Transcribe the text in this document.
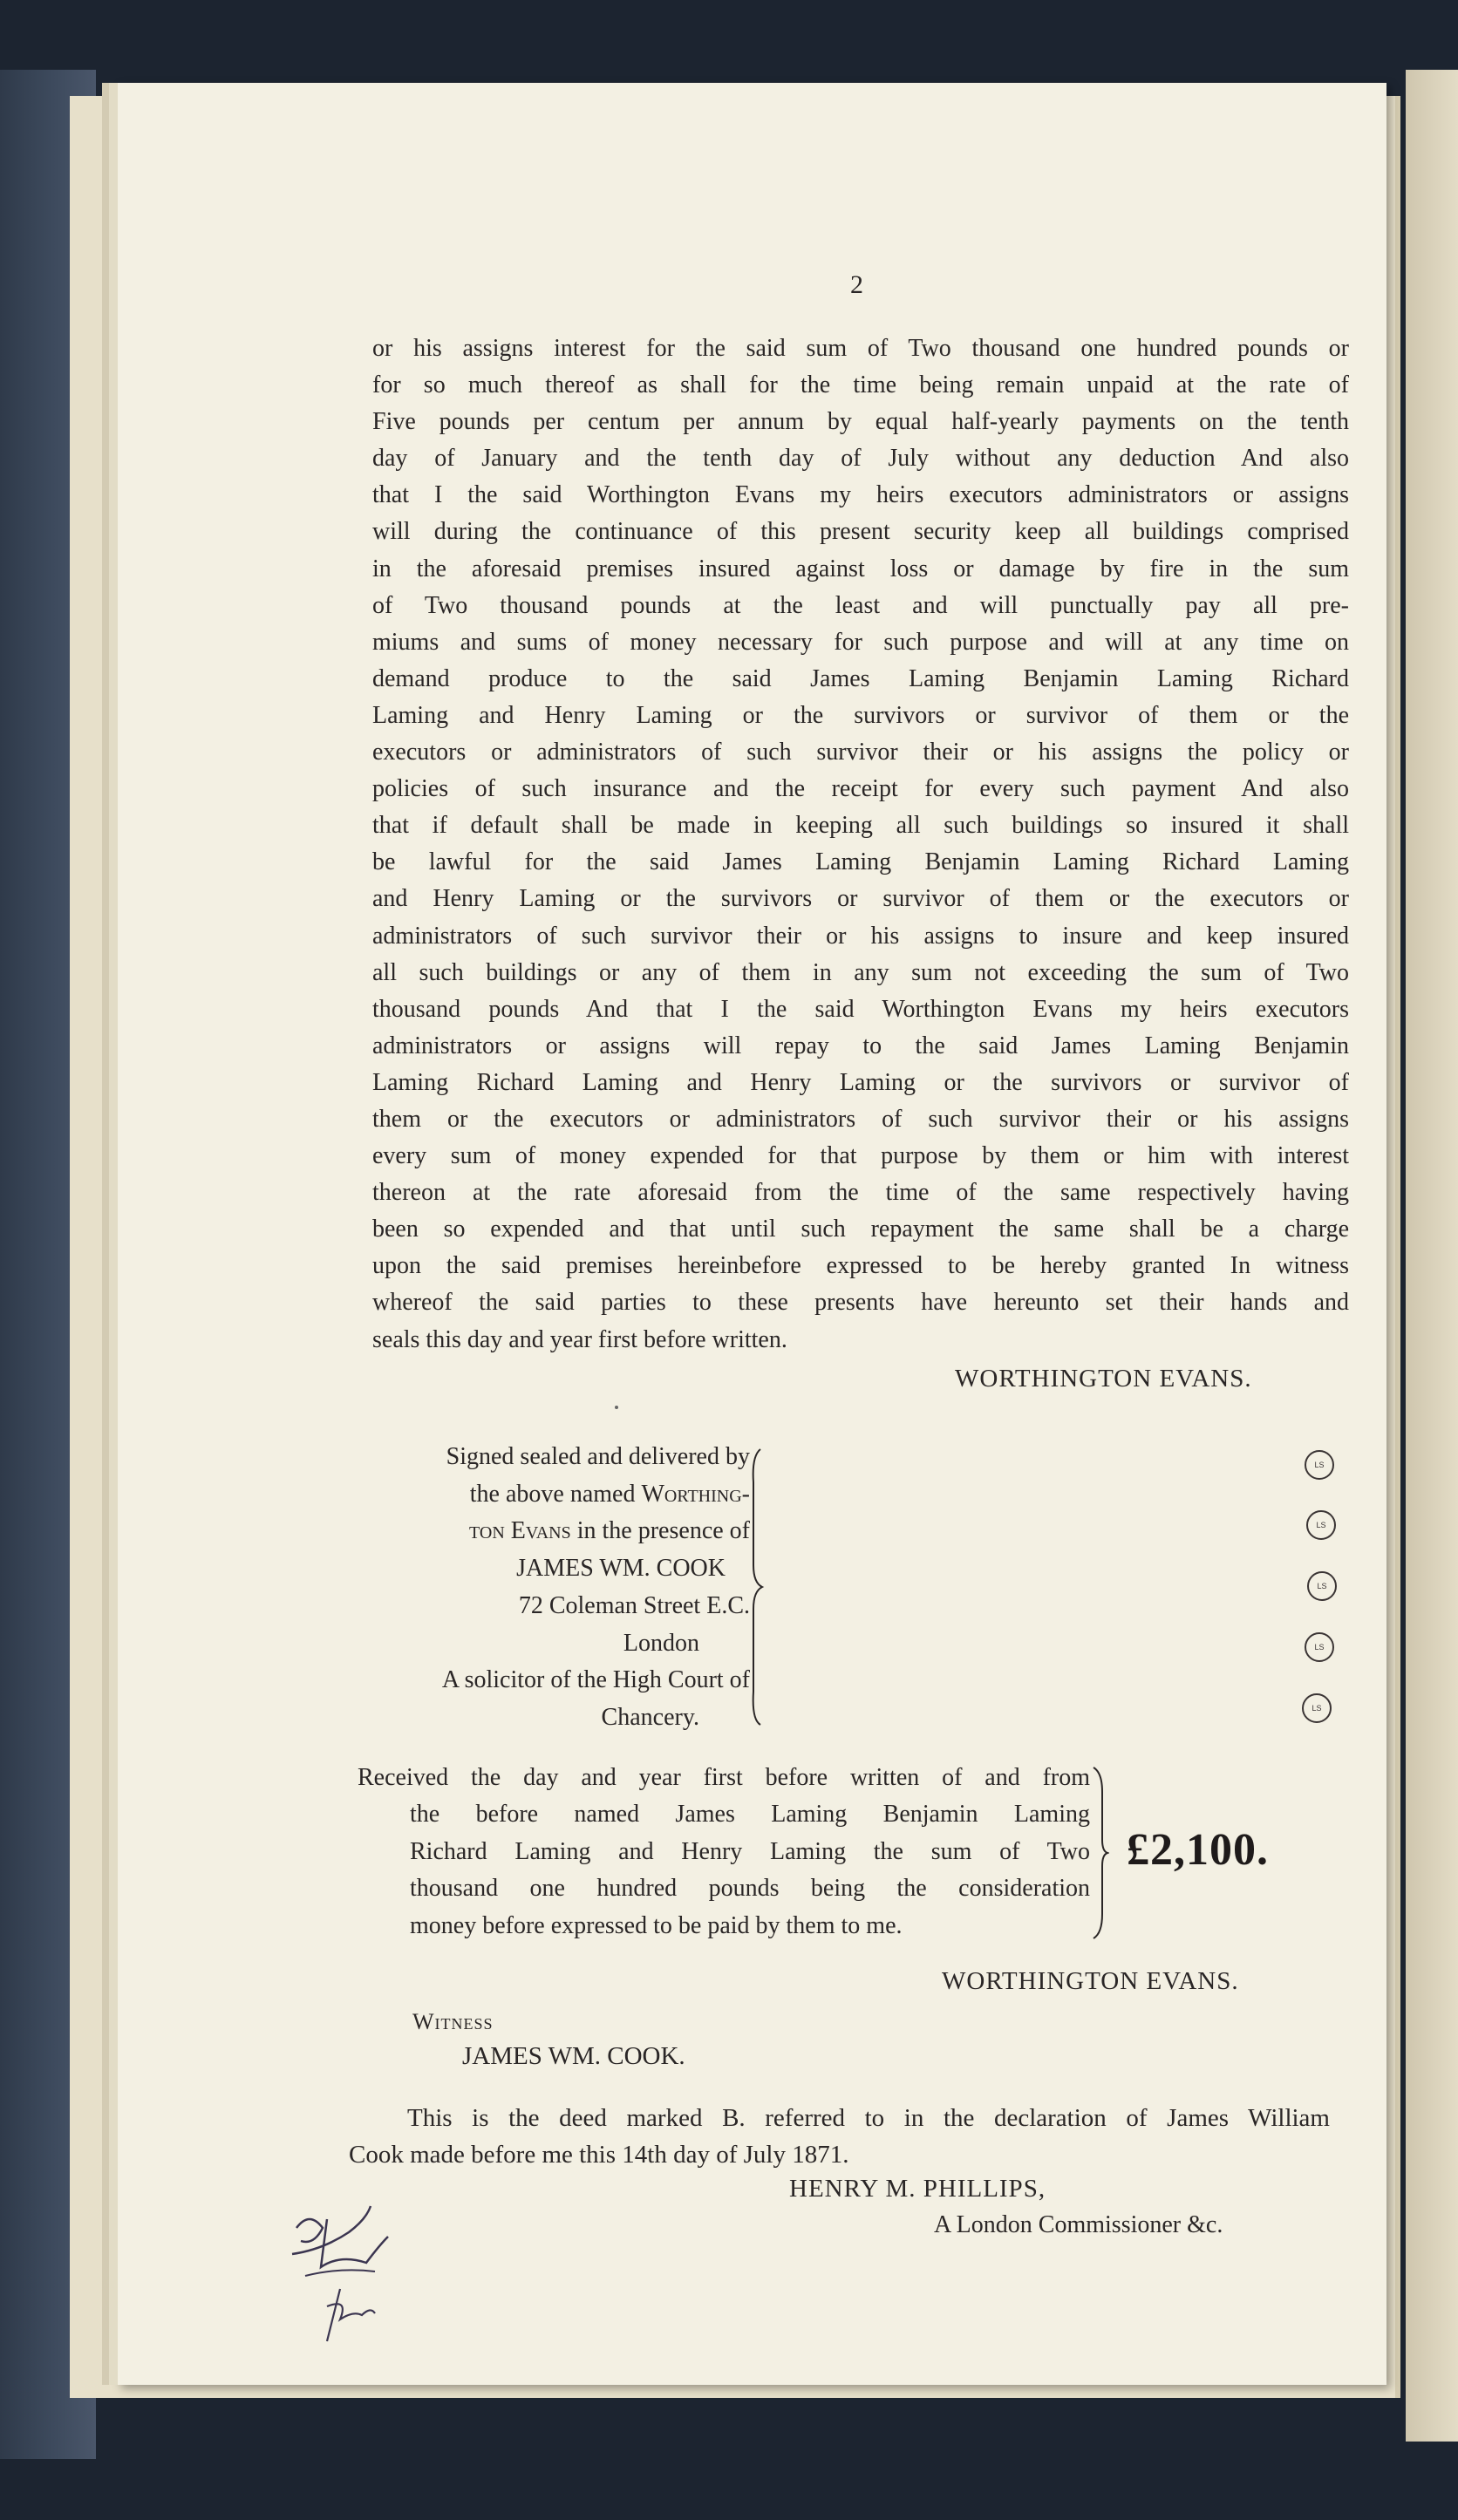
2
or his assigns interest for the said sum of Two thousand one hundred pounds or
for so much thereof as shall for the time being remain unpaid at the rate of
Five pounds per centum per annum by equal half-yearly payments on the tenth
day of January and the tenth day of July without any deduction And also
that I the said Worthington Evans my heirs executors administrators or assigns
will during the continuance of this present security keep all buildings comprised
in the aforesaid premises insured against loss or damage by fire in the sum
of Two thousand pounds at the least and will punctually pay all pre-
miums and sums of money necessary for such purpose and will at any time on
demand produce to the said James Laming Benjamin Laming Richard
Laming and Henry Laming or the survivors or survivor of them or the
executors or administrators of such survivor their or his assigns the policy or
policies of such insurance and the receipt for every such payment And also
that if default shall be made in keeping all such buildings so insured it shall
be lawful for the said James Laming Benjamin Laming Richard Laming
and Henry Laming or the survivors or survivor of them or the executors or
administrators of such survivor their or his assigns to insure and keep insured
all such buildings or any of them in any sum not exceeding the sum of Two
thousand pounds And that I the said Worthington Evans my heirs executors
administrators or assigns will repay to the said James Laming Benjamin
Laming Richard Laming and Henry Laming or the survivors or survivor of
them or the executors or administrators of such survivor their or his assigns
every sum of money expended for that purpose by them or him with interest
thereon at the rate aforesaid from the time of the same respectively having
been so expended and that until such repayment the same shall be a charge
upon the said premises hereinbefore expressed to be hereby granted In witness
whereof the said parties to these presents have hereunto set their hands and
seals this day and year first before written.
WORTHINGTON EVANS.
Signed sealed and delivered by
the above named Worthing-
ton Evans in the presence of
JAMES WM. COOK
72 Coleman Street E.C.
London
A solicitor of the High Court of
Chancery.
LS
LS
LS
LS
LS
Received the day and year first before written of and from
the before named James Laming Benjamin Laming
Richard Laming and Henry Laming the sum of Two
thousand one hundred pounds being the consideration
money before expressed to be paid by them to me.
£2,100.
WORTHINGTON EVANS.
Witness
JAMES WM. COOK.
This is the deed marked B. referred to in the declaration of James William
Cook made before me this 14th day of July 1871.
HENRY M. PHILLIPS,
A London Commissioner &c.
